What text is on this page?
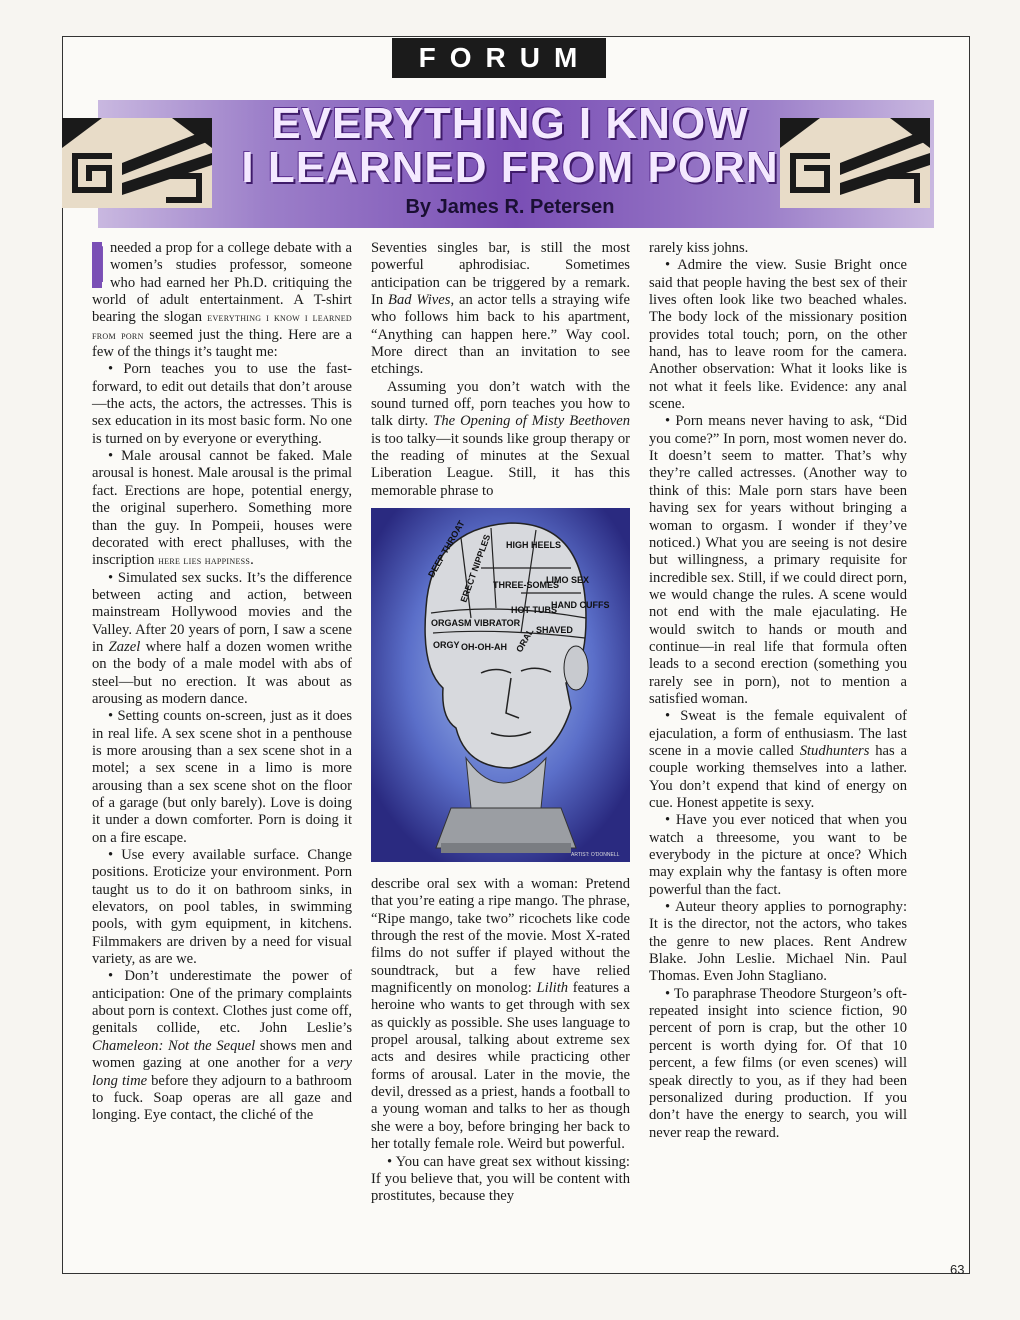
FORUM
EVERYTHING I KNOW
I LEARNED FROM PORN
By James R. Petersen

I needed a prop for a college debate with a women’s studies professor, someone who had earned her Ph.D. critiquing the world of adult entertainment. A T-shirt bearing the slogan everything i know i learned from porn seemed just the thing. Here are a few of the things it’s taught me:

• Porn teaches you to use the fast-forward, to edit out details that don’t arouse—the acts, the actors, the actresses. This is sex education in its most basic form. No one is turned on by everyone or everything.

• Male arousal cannot be faked. Male arousal is honest. Male arousal is the primal fact. Erections are hope, potential energy, the original superhero. Something more than the guy. In Pompeii, houses were decorated with erect phalluses, with the inscription here lies happiness.

• Simulated sex sucks. It’s the difference between acting and action, between mainstream Hollywood movies and the Valley. After 20 years of porn, I saw a scene in Zazel where half a dozen women writhe on the body of a male model with abs of steel—but no erection. It was about as arousing as modern dance.

• Setting counts on-screen, just as it does in real life. A sex scene shot in a penthouse is more arousing than a sex scene shot in a motel; a sex scene in a limo is more arousing than a sex scene shot on the floor of a garage (but only barely). Love is doing it under a down comforter. Porn is doing it on a fire escape.

• Use every available surface. Change positions. Eroticize your environment. Porn taught us to do it on bathroom sinks, in elevators, on pool tables, in swimming pools, with gym equipment, in kitchens. Filmmakers are driven by a need for visual variety, as are we.

• Don’t underestimate the power of anticipation: One of the primary complaints about porn is context. Clothes just come off, genitals collide, etc. John Leslie’s Chameleon: Not the Sequel shows men and women gazing at one another for a very long time before they adjourn to a bathroom to fuck. Soap operas are all gaze and longing. Eye contact, the cliché of the

Seventies singles bar, is still the most powerful aphrodisiac. Sometimes anticipation can be triggered by a remark. In Bad Wives, an actor tells a straying wife who follows him back to his apartment, “Anything can happen here.” Way cool. More direct than an invitation to see etchings.

Assuming you don’t watch with the sound turned off, porn teaches you how to talk dirty. The Opening of Misty Beethoven is too talky—it sounds like group therapy or the reading of minutes at the Sexual Liberation League. Still, it has this memorable phrase to

DEEP THROAT
ERECT NIPPLES HIGH HEELS
THREE-SOMES
LIMO SEX
HAND CUFFS
ORGASM VIBRATOR
HOT TUBS
ORGY OH-OH-AH ORAL SHAVED
ARTIST: O'DONNELL

describe oral sex with a woman: Pretend that you’re eating a ripe mango. The phrase, “Ripe mango, take two” ricochets like code through the rest of the movie. Most X-rated films do not suffer if played without the soundtrack, but a few have relied magnificently on monolog: Lilith features a heroine who wants to get through with sex as quickly as possible. She uses language to propel arousal, talking about extreme sex acts and desires while practicing other forms of arousal. Later in the movie, the devil, dressed as a priest, hands a football to a young woman and talks to her as though she were a boy, before bringing her back to her totally female role. Weird but powerful.

• You can have great sex without kissing: If you believe that, you will be content with prostitutes, because they

rarely kiss johns.

• Admire the view. Susie Bright once said that people having the best sex of their lives often look like two beached whales. The body lock of the missionary position provides total touch; porn, on the other hand, has to leave room for the camera. Another observation: What it looks like is not what it feels like. Evidence: any anal scene.

• Porn means never having to ask, “Did you come?” In porn, most women never do. It doesn’t seem to matter. That’s why they’re called actresses. (Another way to think of this: Male porn stars have been having sex for years without bringing a woman to orgasm. I wonder if they’ve noticed.) What you are seeing is not desire but willingness, a primary requisite for incredible sex. Still, if we could direct porn, we would change the rules. A scene would not end with the male ejaculating. He would switch to hands or mouth and continue—in real life that formula often leads to a second erection (something you rarely see in porn), not to mention a satisfied woman.

• Sweat is the female equivalent of ejaculation, a form of enthusiasm. The last scene in a movie called Studhunters has a couple working themselves into a lather. You don’t expend that kind of energy on cue. Honest appetite is sexy.

• Have you ever noticed that when you watch a threesome, you want to be everybody in the picture at once? Which may explain why the fantasy is often more powerful than the fact.

• Auteur theory applies to pornography: It is the director, not the actors, who takes the genre to new places. Rent Andrew Blake. John Leslie. Michael Nin. Paul Thomas. Even John Stagliano.

• To paraphrase Theodore Sturgeon’s oft-repeated insight into science fiction, 90 percent of porn is crap, but the other 10 percent is worth dying for. Of that 10 percent, a few films (or even scenes) will speak directly to you, as if they had been personalized during production. If you don’t have the energy to search, you will never reap the reward.

63
